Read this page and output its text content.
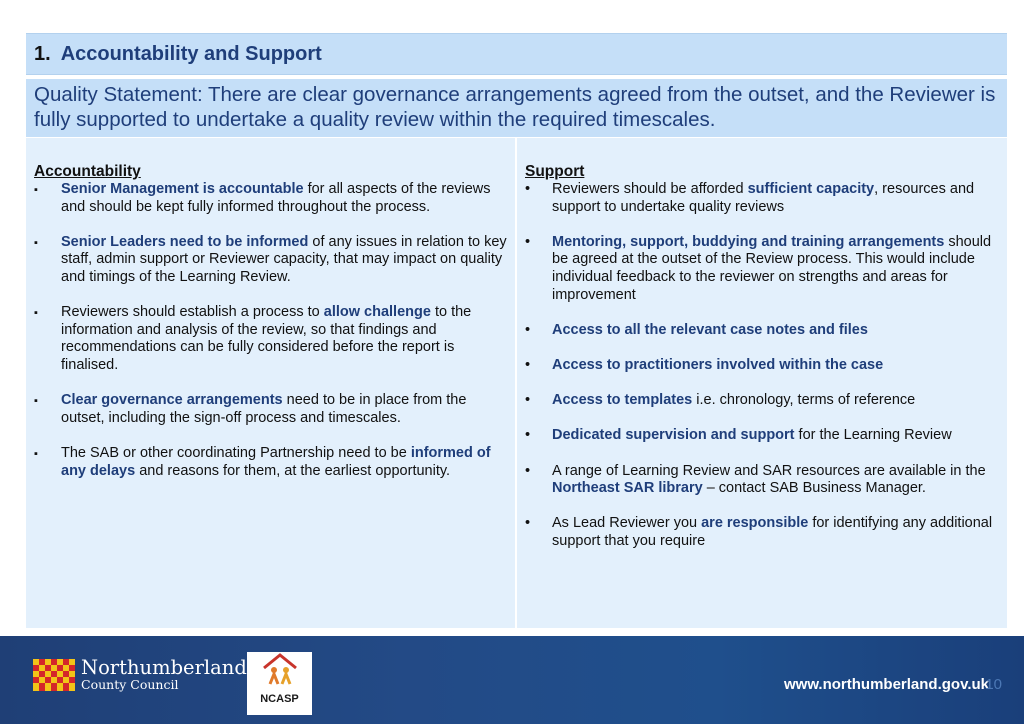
1. Accountability and Support
Quality Statement: There are clear governance arrangements agreed from the outset, and the Reviewer is fully supported to undertake a quality review within the required timescales.
Accountability
▪ Senior Management is accountable for all aspects of the reviews and should be kept fully informed throughout the process.
▪ Senior Leaders need to be informed of any issues in relation to key staff, admin support or Reviewer capacity, that may impact on quality and timings of the Learning Review.
▪ Reviewers should establish a process to allow challenge to the information and analysis of the review, so that findings and recommendations can be fully considered before the report is finalised.
▪ Clear governance arrangements need to be in place from the outset, including the sign-off process and timescales.
▪ The SAB or other coordinating Partnership need to be informed of any delays and reasons for them, at the earliest opportunity.
Support
• Reviewers should be afforded sufficient capacity, resources and support to undertake quality reviews
• Mentoring, support, buddying and training arrangements should be agreed at the outset of the Review process. This would include individual feedback to the reviewer on strengths and areas for improvement
• Access to all the relevant case notes and files
• Access to practitioners involved within the case
• Access to templates i.e. chronology, terms of reference
• Dedicated supervision and support for the Learning Review
• A range of Learning Review and SAR resources are available in the Northeast SAR library – contact SAB Business Manager.
• As Lead Reviewer you are responsible for identifying any additional support that you require
Northumberland
County Council
NCASP
www.northumberland.gov.uk
10
